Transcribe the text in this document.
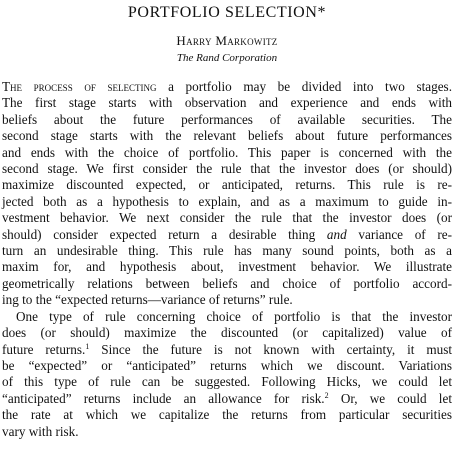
PORTFOLIO SELECTION*
Harry Markowitz
The Rand Corporation
The process of selecting a portfolio may be divided into two stages.
The first stage starts with observation and experience and ends with
beliefs about the future performances of available securities. The
second stage starts with the relevant beliefs about future performances
and ends with the choice of portfolio. This paper is concerned with the
second stage. We first consider the rule that the investor does (or should)
maximize discounted expected, or anticipated, returns. This rule is re-
jected both as a hypothesis to explain, and as a maximum to guide in-
vestment behavior. We next consider the rule that the investor does (or
should) consider expected return a desirable thing and variance of re-
turn an undesirable thing. This rule has many sound points, both as a
maxim for, and hypothesis about, investment behavior. We illustrate
geometrically relations between beliefs and choice of portfolio accord-
ing to the “expected returns—variance of returns” rule.
One type of rule concerning choice of portfolio is that the investor
does (or should) maximize the discounted (or capitalized) value of
future returns.$^1$ Since the future is not known with certainty, it must
be “expected” or “anticipated” returns which we discount. Variations
of this type of rule can be suggested. Following Hicks, we could let
“anticipated” returns include an allowance for risk.$^2$ Or, we could let
the rate at which we capitalize the returns from particular securities
vary with risk.
